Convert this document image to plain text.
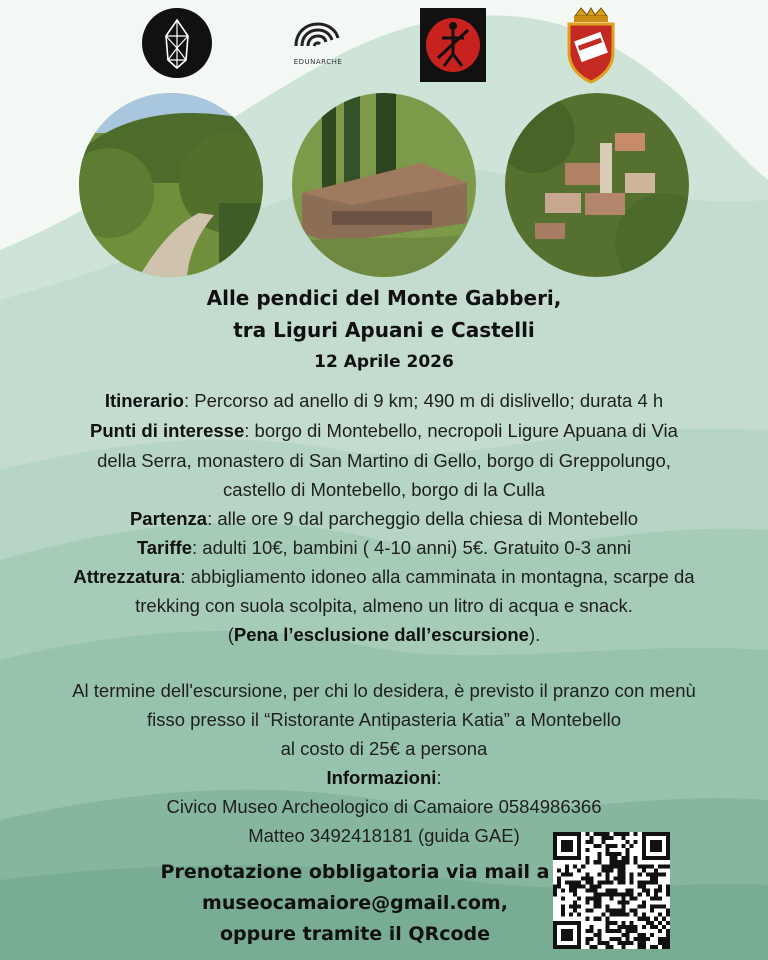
EDUNARCHE
Alle pendici del Monte Gabberi,
tra Liguri Apuani e Castelli
12 Aprile 2026
Itinerario: Percorso ad anello di 9 km; 490 m di dislivello; durata 4 h
Punti di interesse: borgo di Montebello, necropoli Ligure Apuana di Via
della Serra, monastero di San Martino di Gello, borgo di Greppolungo,
castello di Montebello, borgo di la Culla
Partenza: alle ore 9 dal parcheggio della chiesa di Montebello
Tariffe: adulti 10€, bambini ( 4-10 anni) 5€. Gratuito 0-3 anni
Attrezzatura: abbigliamento idoneo alla camminata in montagna, scarpe da
trekking con suola scolpita, almeno un litro di acqua e snack.
(Pena l’esclusione dall’escursione).
Al termine dell'escursione, per chi lo desidera, è previsto il pranzo con menù
fisso presso il “Ristorante Antipasteria Katia” a Montebello
al costo di 25€ a persona
Informazioni:
Civico Museo Archeologico di Camaiore 0584986366
Matteo 3492418181 (guida GAE)
Prenotazione obbligatoria via mail a
museocamaiore@gmail.com,
oppure tramite il QRcode
